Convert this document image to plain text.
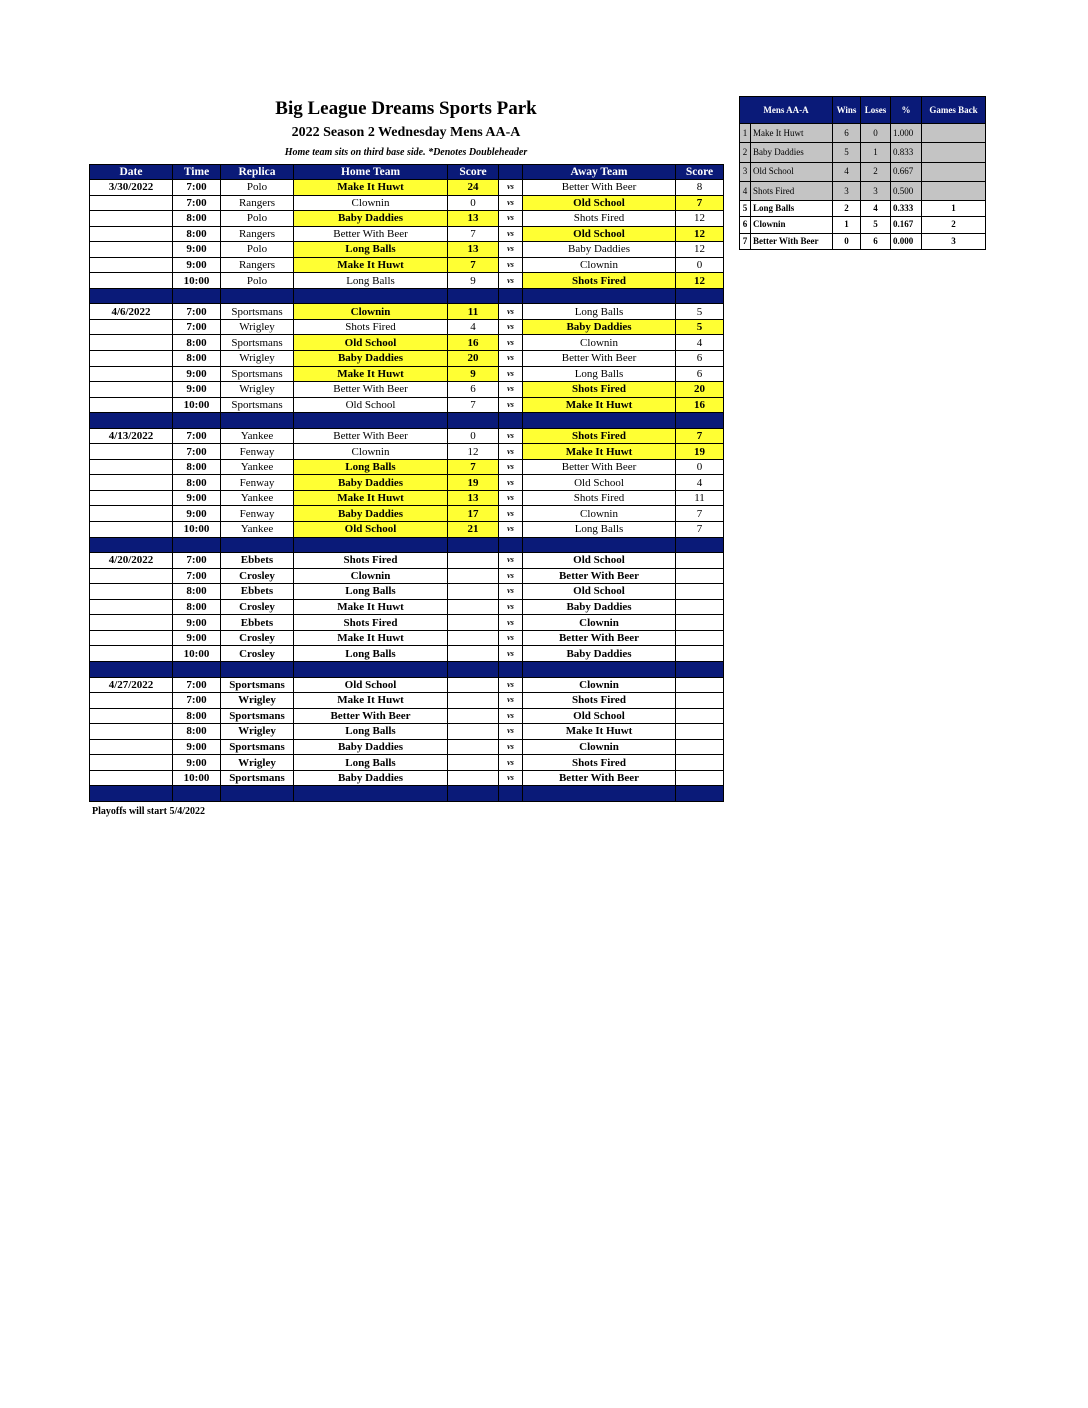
Big League Dreams Sports Park
2022 Season 2 Wednesday Mens AA-A
Home team sits on third base side. *Denotes Doubleheader
Date	Time	Replica	Home Team	Score		Away Team	Score
3/30/2022	7:00	Polo	Make It Huwt	24	vs	Better With Beer	8
	7:00	Rangers	Clownin	0	vs	Old School	7
	8:00	Polo	Baby Daddies	13	vs	Shots Fired	12
	8:00	Rangers	Better With Beer	7	vs	Old School	12
	9:00	Polo	Long Balls	13	vs	Baby Daddies	12
	9:00	Rangers	Make It Huwt	7	vs	Clownin	0
	10:00	Polo	Long Balls	9	vs	Shots Fired	12

4/6/2022	7:00	Sportsmans	Clownin	11	vs	Long Balls	5
	7:00	Wrigley	Shots Fired	4	vs	Baby Daddies	5
	8:00	Sportsmans	Old School	16	vs	Clownin	4
	8:00	Wrigley	Baby Daddies	20	vs	Better With Beer	6
	9:00	Sportsmans	Make It Huwt	9	vs	Long Balls	6
	9:00	Wrigley	Better With Beer	6	vs	Shots Fired	20
	10:00	Sportsmans	Old School	7	vs	Make It Huwt	16

4/13/2022	7:00	Yankee	Better With Beer	0	vs	Shots Fired	7
	7:00	Fenway	Clownin	12	vs	Make It Huwt	19
	8:00	Yankee	Long Balls	7	vs	Better With Beer	0
	8:00	Fenway	Baby Daddies	19	vs	Old School	4
	9:00	Yankee	Make It Huwt	13	vs	Shots Fired	11
	9:00	Fenway	Baby Daddies	17	vs	Clownin	7
	10:00	Yankee	Old School	21	vs	Long Balls	7

4/20/2022	7:00	Ebbets	Shots Fired		vs	Old School	
	7:00	Crosley	Clownin		vs	Better With Beer	
	8:00	Ebbets	Long Balls		vs	Old School	
	8:00	Crosley	Make It Huwt		vs	Baby Daddies	
	9:00	Ebbets	Shots Fired		vs	Clownin	
	9:00	Crosley	Make It Huwt		vs	Better With Beer	
	10:00	Crosley	Long Balls		vs	Baby Daddies	

4/27/2022	7:00	Sportsmans	Old School		vs	Clownin	
	7:00	Wrigley	Make It Huwt		vs	Shots Fired	
	8:00	Sportsmans	Better With Beer		vs	Old School	
	8:00	Wrigley	Long Balls		vs	Make It Huwt	
	9:00	Sportsmans	Baby Daddies		vs	Clownin	
	9:00	Wrigley	Long Balls		vs	Shots Fired	
	10:00	Sportsmans	Baby Daddies		vs	Better With Beer	

Playoffs will start 5/4/2022
Mens AA-A		Wins	Loses	%	Games Back
1	Make It Huwt	6	0	1.000	
2	Baby Daddies	5	1	0.833	
3	Old School	4	2	0.667	
4	Shots Fired	3	3	0.500	
5	Long Balls	2	4	0.333	1
6	Clownin	1	5	0.167	2
7	Better With Beer	0	6	0.000	3
